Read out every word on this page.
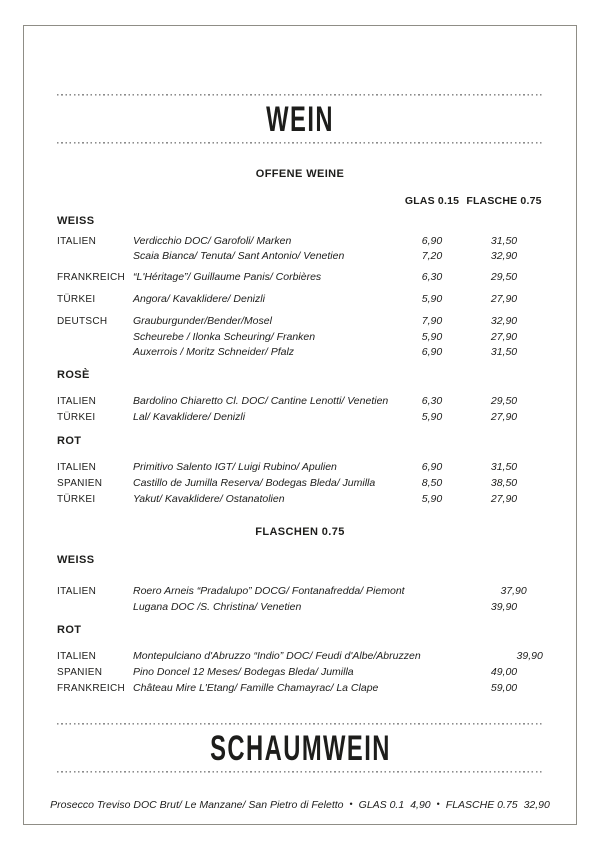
WEIN
OFFENE WEINE
GLAS 0.15 FLASCHE 0.75
WEISS
ITALIEN	Verdicchio DOC/ Garofoli/ Marken	6,90	31,50
Scaia Bianca/ Tenuta/ Sant Antonio/ Venetien	7,20	32,90
FRANKREICH “L'Héritage”/ Guillaume Panis/ Corbières	6,30	29,50
TÜRKEI	Angora/ Kavaklidere/ Denizli	5,90	27,90
DEUTSCH	Grauburgunder/Bender/Mosel	7,90	32,90
Scheurebe / Ilonka Scheuring/ Franken	5,90	27,90
Auxerrois / Moritz Schneider/ Pfalz	6,90	31,50
ROSÈ
ITALIEN	Bardolino Chiaretto Cl. DOC/ Cantine Lenotti/ Venetien	6,30	29,50
TÜRKEI	Lal/ Kavaklidere/ Denizli	5,90	27,90
ROT
ITALIEN	Primitivo Salento IGT/ Luigi Rubino/ Apulien	6,90	31,50
SPANIEN	Castillo de Jumilla Reserva/ Bodegas Bleda/ Jumilla	8,50	38,50
TÜRKEI	Yakut/ Kavaklidere/ Ostanatolien	5,90	27,90
FLASCHEN 0.75
WEISS
ITALIEN	Roero Arneis “Pradalupo” DOCG/ Fontanafredda/ Piemont	37,90
Lugana DOC /S. Christina/ Venetien	39,90
ROT
ITALIEN	Montepulciano d'Abruzzo “Indio” DOC/ Feudi d'Albe/Abruzzen	39,90
SPANIEN	Pino Doncel 12 Meses/ Bodegas Bleda/ Jumilla	49,00
FRANKREICH Château Mire L'Etang/ Famille Chamayrac/ La Clape	59,00
SCHAUMWEIN
Prosecco Treviso DOC Brut/ Le Manzane/ San Pietro di Feletto • GLAS 0.1 4,90 • FLASCHE 0.75 32,90
